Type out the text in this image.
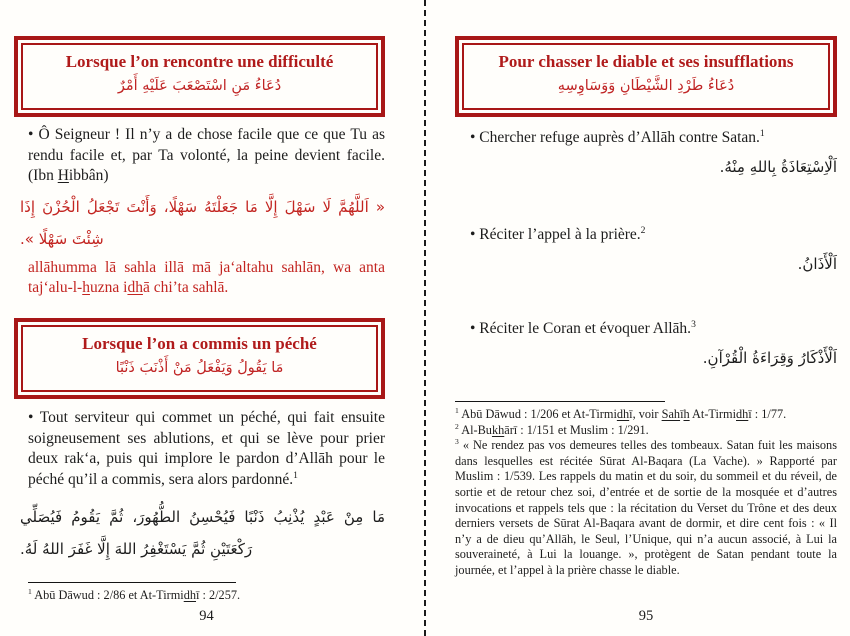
Lorsque l’on rencontre une difficulté
دُعَاءُ مَنِ اسْتَصْعَبَ عَلَيْهِ أَمْرٌ
• Ô Seigneur ! Il n’y a de chose facile que ce que Tu as rendu facile et, par Ta volonté, la peine devient facile. (Ibn Hibbân)
« اَللَّهُمَّ لَا سَهْلَ إِلَّا مَا جَعَلْتَهُ سَهْلًا، وَأَنْتَ تَجْعَلُ الْحُزْنَ إِذَا شِئْتَ سَهْلًا ».
allāhumma lā sahla illā mā ja‘altahu sahlān, wa anta taj‘alu-l-huzna idhā chi’ta sahlā.
Lorsque l’on a commis un péché
مَا يَقُولُ وَيَفْعَلُ مَنْ أَذْنَبَ ذَنْبًا
• Tout serviteur qui commet un péché, qui fait ensuite soigneusement ses ablutions, et qui se lève pour prier deux rak‘a, puis qui implore le pardon d’Allāh pour le péché qu’il a commis, sera alors pardonné.$^1$
مَا مِنْ عَبْدٍ يُذْنِبُ ذَنْبًا فَيُحْسِنُ الطُّهُورَ، ثُمَّ يَقُومُ فَيُصَلِّي رَكْعَتَيْنِ ثُمَّ يَسْتَغْفِرُ اللهَ إِلَّا غَفَرَ اللهُ لَهُ.
$^1$ Abū Dāwud : 2/86 et At-Tirmidhī : 2/257.
94
Pour chasser le diable et ses insufflations
دُعَاءُ طَرْدِ الشَّيْطَانِ وَوَسَاوِسِهِ
• Chercher refuge auprès d’Allāh contre Satan.$^1$
اَلْاِسْتِعَاذَةُ بِاللهِ مِنْهُ.
• Réciter l’appel à la prière.$^2$
اَلْأَذَانُ.
• Réciter le Coran et évoquer Allāh.$^3$
اَلْأَذْكَارُ وَقِرَاءَةُ الْقُرْآنِ.
$^1$ Abū Dāwud : 1/206 et At-Tirmidhī, voir Sahīh At-Tirmidhī : 1/77.
$^2$ Al-Bukhārī : 1/151 et Muslim : 1/291.
$^3$ « Ne rendez pas vos demeures telles des tombeaux. Satan fuit les maisons dans lesquelles est récitée Sūrat Al-Baqara (La Vache). » Rapporté par Muslim : 1/539. Les rappels du matin et du soir, du sommeil et du réveil, de sortie et de retour chez soi, d’entrée et de sortie de la mosquée et d’autres invocations et rappels tels que : la récitation du Verset du Trône et des deux derniers versets de Sūrat Al-Baqara avant de dormir, et dire cent fois : « Il n’y a de dieu qu’Allāh, le Seul, l’Unique, qui n’a aucun associé, à Lui la souveraineté, à Lui la louange. », protègent de Satan pendant toute la journée, et l’appel à la prière chasse le diable.
95
